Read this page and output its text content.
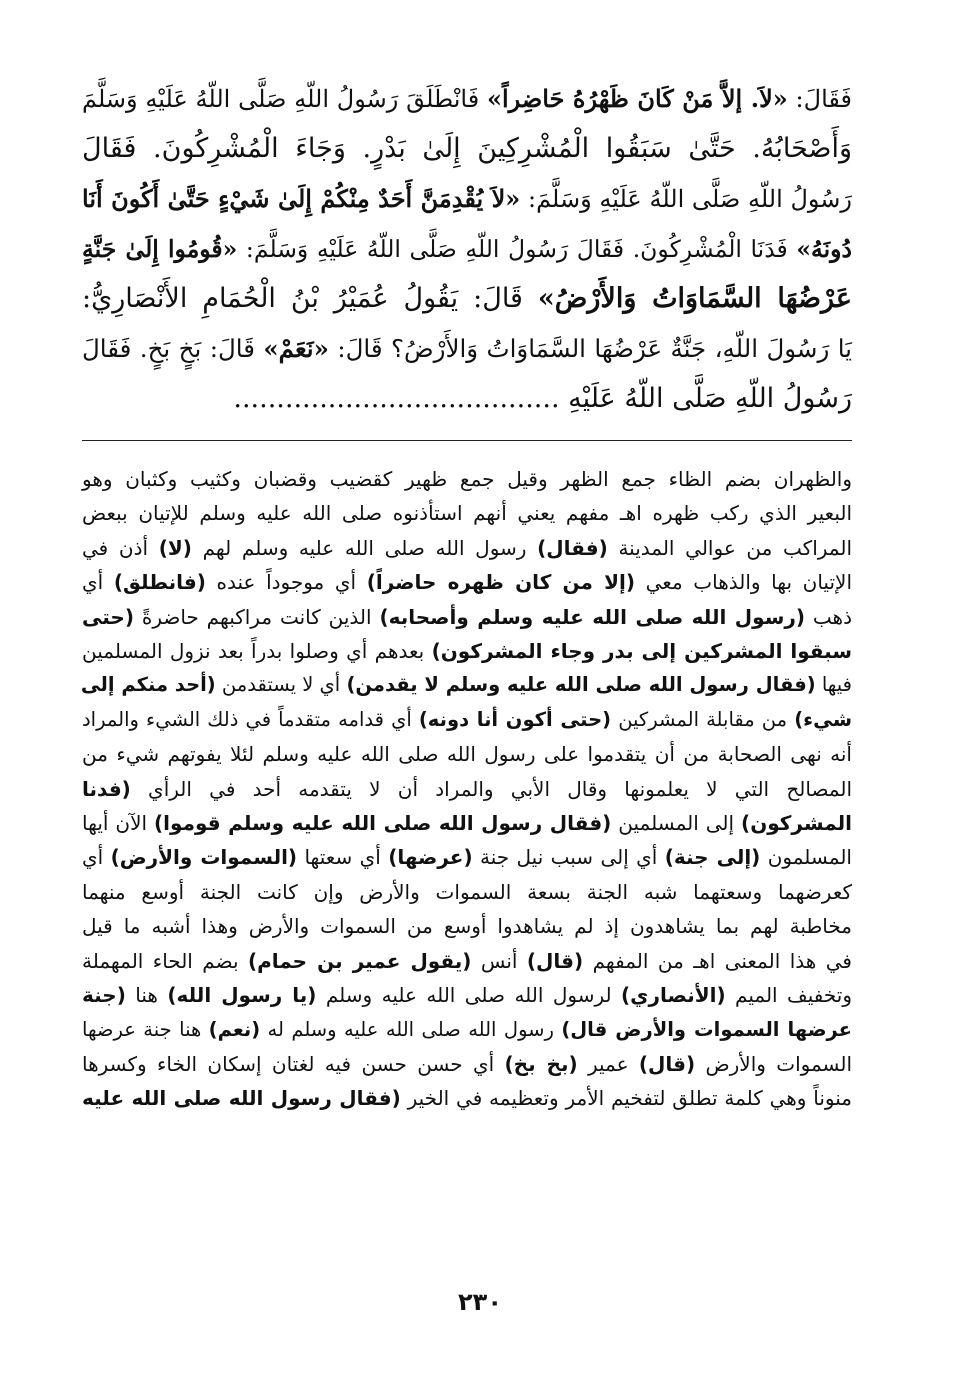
فَقَالَ: «لاَ. إلاَّ مَنْ كَانَ ظَهْرُهُ حَاضِراً» فَانْطَلَقَ رَسُولُ اللّهِ صَلَّى اللّهُ عَلَيْهِ وَسَلَّمَ

وَأَصْحَابُهُ. حَتَّىٰ سَبَقُوا الْمُشْرِكِينَ إِلَىٰ بَدْرٍ. وَجَاءَ الْمُشْرِكُونَ. فَقَالَ

رَسُولُ اللّهِ صَلَّى اللّهُ عَلَيْهِ وَسَلَّمَ: «لاَ يُقْدِمَنَّ أَحَدٌ مِنْكُمْ إِلَىٰ شَيْءٍ حَتَّىٰ أَكُونَ أَنَا

دُونَهُ» فَدَنَا الْمُشْرِكُونَ. فَقَالَ رَسُولُ اللّهِ صَلَّى اللّهُ عَلَيْهِ وَسَلَّمَ: «قُومُوا إِلَىٰ جَنَّةٍ

عَرْضُهَا السَّمَاوَاتُ وَالأَرْضُ» قَالَ: يَقُولُ عُمَيْرُ بْنُ الْحُمَامِ الأَنْصَارِيُّ:

يَا رَسُولَ اللّهِ، جَنَّةٌ عَرْضُهَا السَّمَاوَاتُ وَالأَرْضُ؟ قَالَ: «نَعَمْ» قَالَ: بَخٍ بَخٍ. فَقَالَ

رَسُولُ اللّهِ صَلَّى اللّهُ عَلَيْهِ ......................................

والظهران بضم الظاء جمع الظهر وقيل جمع ظهير كقضيب وقضبان وكثيب وكثبان وهو

البعير الذي ركب ظهره اهـ مفهم يعني أنهم استأذنوه صلى الله عليه وسلم للإتيان ببعض

المراكب من عوالي المدينة (فقال) رسول الله صلى الله عليه وسلم لهم (لا) أذن في

الإتيان بها والذهاب معي (إلا من كان ظهره حاضراً) أي موجوداً عنده (فانطلق) أي

ذهب (رسول الله صلى الله عليه وسلم وأصحابه) الذين كانت مراكبهم حاضرةً (حتى

سبقوا المشركين إلى بدر وجاء المشركون) بعدهم أي وصلوا بدراً بعد نزول المسلمين

فيها (فقال رسول الله صلى الله عليه وسلم لا يقدمن) أي لا يستقدمن (أحد منكم إلى

شيء) من مقابلة المشركين (حتى أكون أنا دونه) أي قدامه متقدماً في ذلك الشيء والمراد

أنه نهى الصحابة من أن يتقدموا على رسول الله صلى الله عليه وسلم لئلا يفوتهم شيء من

المصالح التي لا يعلمونها وقال الأبي والمراد أن لا يتقدمه أحد في الرأي (فدنا

المشركون) إلى المسلمين (فقال رسول الله صلى الله عليه وسلم قوموا) الآن أيها

المسلمون (إلى جنة) أي إلى سبب نيل جنة (عرضها) أي سعتها (السموات والأرض) أي

كعرضهما وسعتهما شبه الجنة بسعة السموات والأرض وإن كانت الجنة أوسع منهما

مخاطبة لهم بما يشاهدون إذ لم يشاهدوا أوسع من السموات والأرض وهذا أشبه ما قيل

في هذا المعنى اهـ من المفهم (قال) أنس (يقول عمير بن حمام) بضم الحاء المهملة

وتخفيف الميم (الأنصاري) لرسول الله صلى الله عليه وسلم (يا رسول الله) هنا (جنة

عرضها السموات والأرض قال) رسول الله صلى الله عليه وسلم له (نعم) هنا جنة عرضها

السموات والأرض (قال) عمير (بخ بخ) أي حسن حسن فيه لغتان إسكان الخاء وكسرها

منوناً وهي كلمة تطلق لتفخيم الأمر وتعظيمه في الخير (فقال رسول الله صلى الله عليه

٢٣٠
